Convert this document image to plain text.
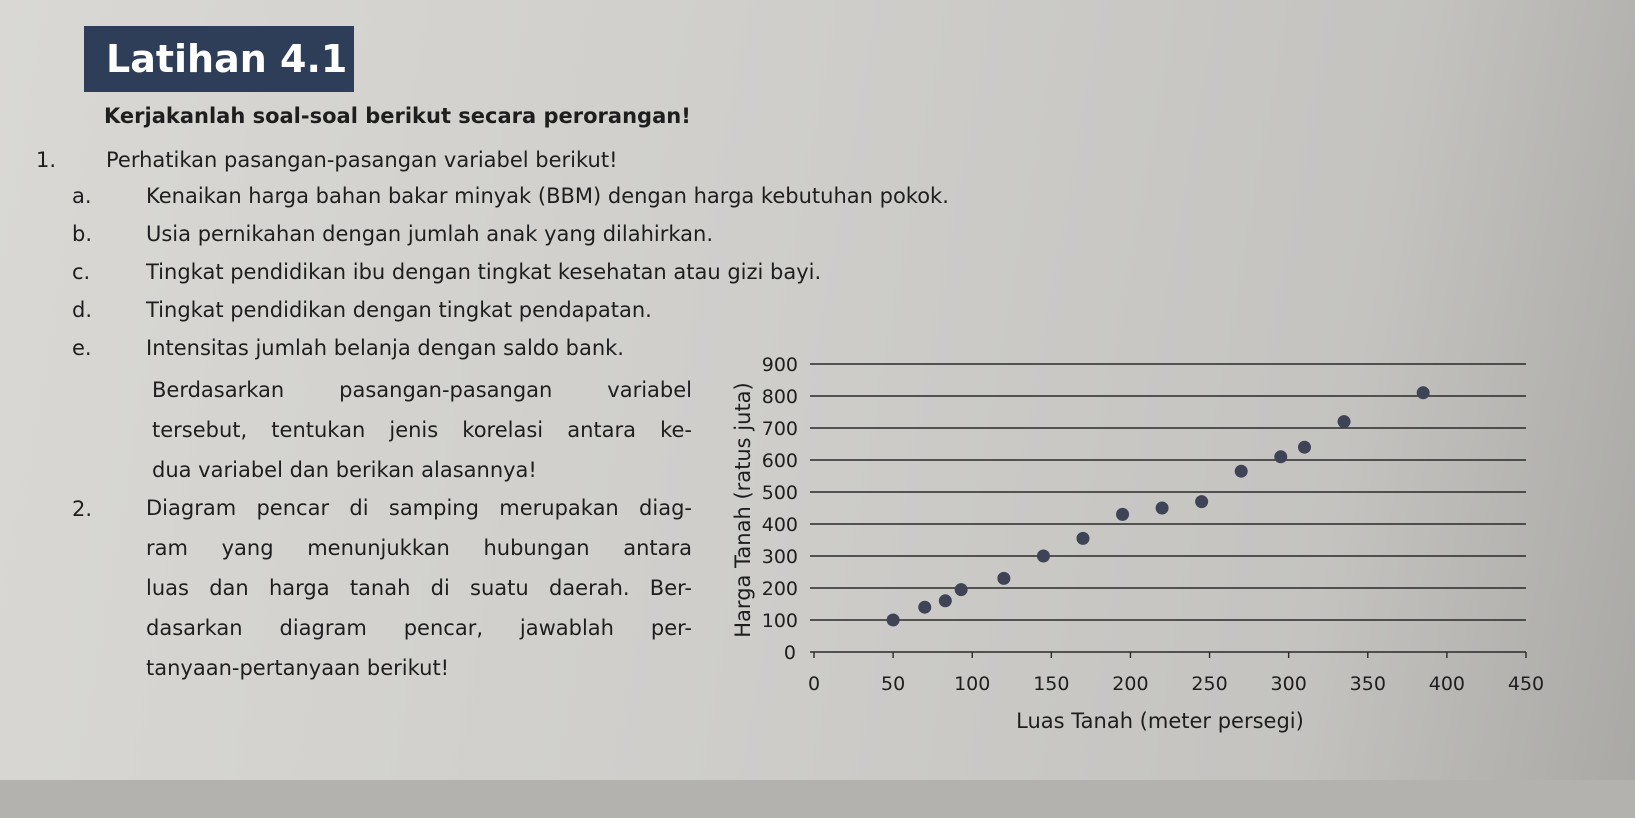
Latihan 4.1
Kerjakanlah soal-soal berikut secara perorangan!
1. Perhatikan pasangan-pasangan variabel berikut!
a.	Kenaikan harga bahan bakar minyak (BBM) dengan harga kebutuhan pokok.
b.	Usia pernikahan dengan jumlah anak yang dilahirkan.
c.	Tingkat pendidikan ibu dengan tingkat kesehatan atau gizi bayi.
d.	Tingkat pendidikan dengan tingkat pendapatan.
e.	Intensitas jumlah belanja dengan saldo bank.
Berdasarkan pasangan-pasangan variabel
tersebut, tentukan jenis korelasi antara ke-
dua variabel dan berikan alasannya!
2.	Diagram pencar di samping merupakan diag-
ram yang menunjukkan hubungan antara
luas dan harga tanah di suatu daerah. Ber-
dasarkan diagram pencar, jawablah per-
tanyaan-pertanyaan berikut!
0
100
200
300
400
500
600
700
800
900
0	50	100 150 200 250 300 350 400 450
Harga Tanah (ratus juta)
Luas Tanah (meter persegi)
